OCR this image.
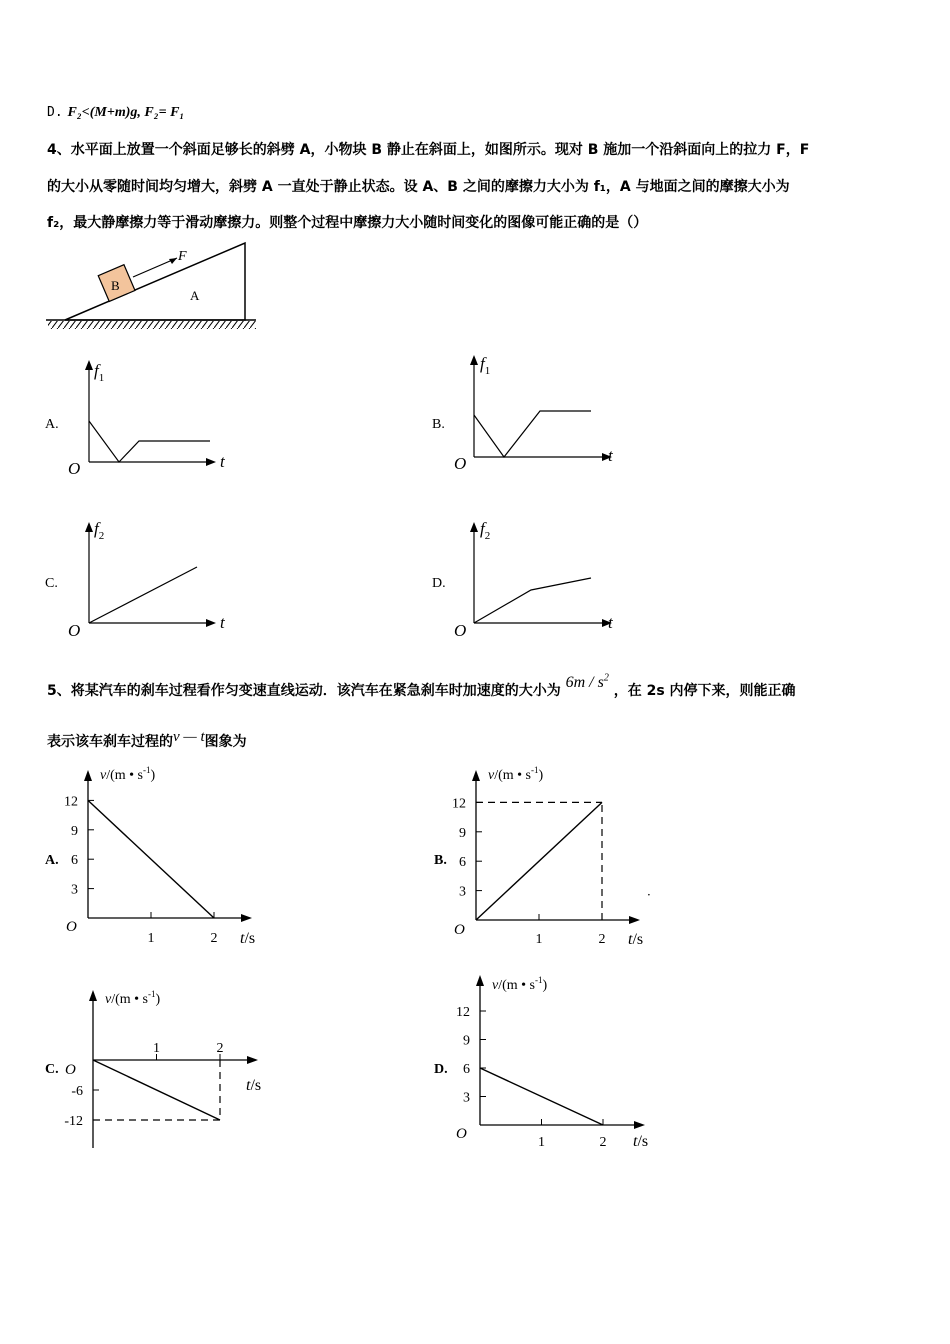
D. F₂<(M+m)g, F₂= F₁
4、水平面上放置一个斜面足够长的斜劈 A，小物块 B 静止在斜面上，如图所示。现对 B 施加一个沿斜面向上的拉力 F，F
的大小从零随时间均匀增大，斜劈 A 一直处于静止状态。设 A、B 之间的摩擦力大小为 f₁，A 与地面之间的摩擦大小为
f₂，最大静摩擦力等于滑动摩擦力。则整个过程中摩擦力大小随时间变化的图像可能正确的是（）
B
A
F
A.
$f_1$
t
O
B.
$f_1$
t
O
C.
$f_2$
t
O
D.
$f_2$
t
O
5、将某汽车的刹车过程看作匀变速直线运动．该汽车在紧急刹车时加速度的大小为 $6m / s^2$ ，在 2s 内停下来，则能正确
表示该车刹车过程的v — t图象为
A.	B.
C.	D.
·
v/(m • $s^{-1}$)
t/s
O
3
6
9
12
1	2
v/(m • $s^{-1}$)
t/s
O
3
6
9
12
1	2
v/(m • $s^{-1}$)
t/s
O
-6
-12
1	2
v/(m • $s^{-1}$)
t/s
O
3
6
9
12
1	2
